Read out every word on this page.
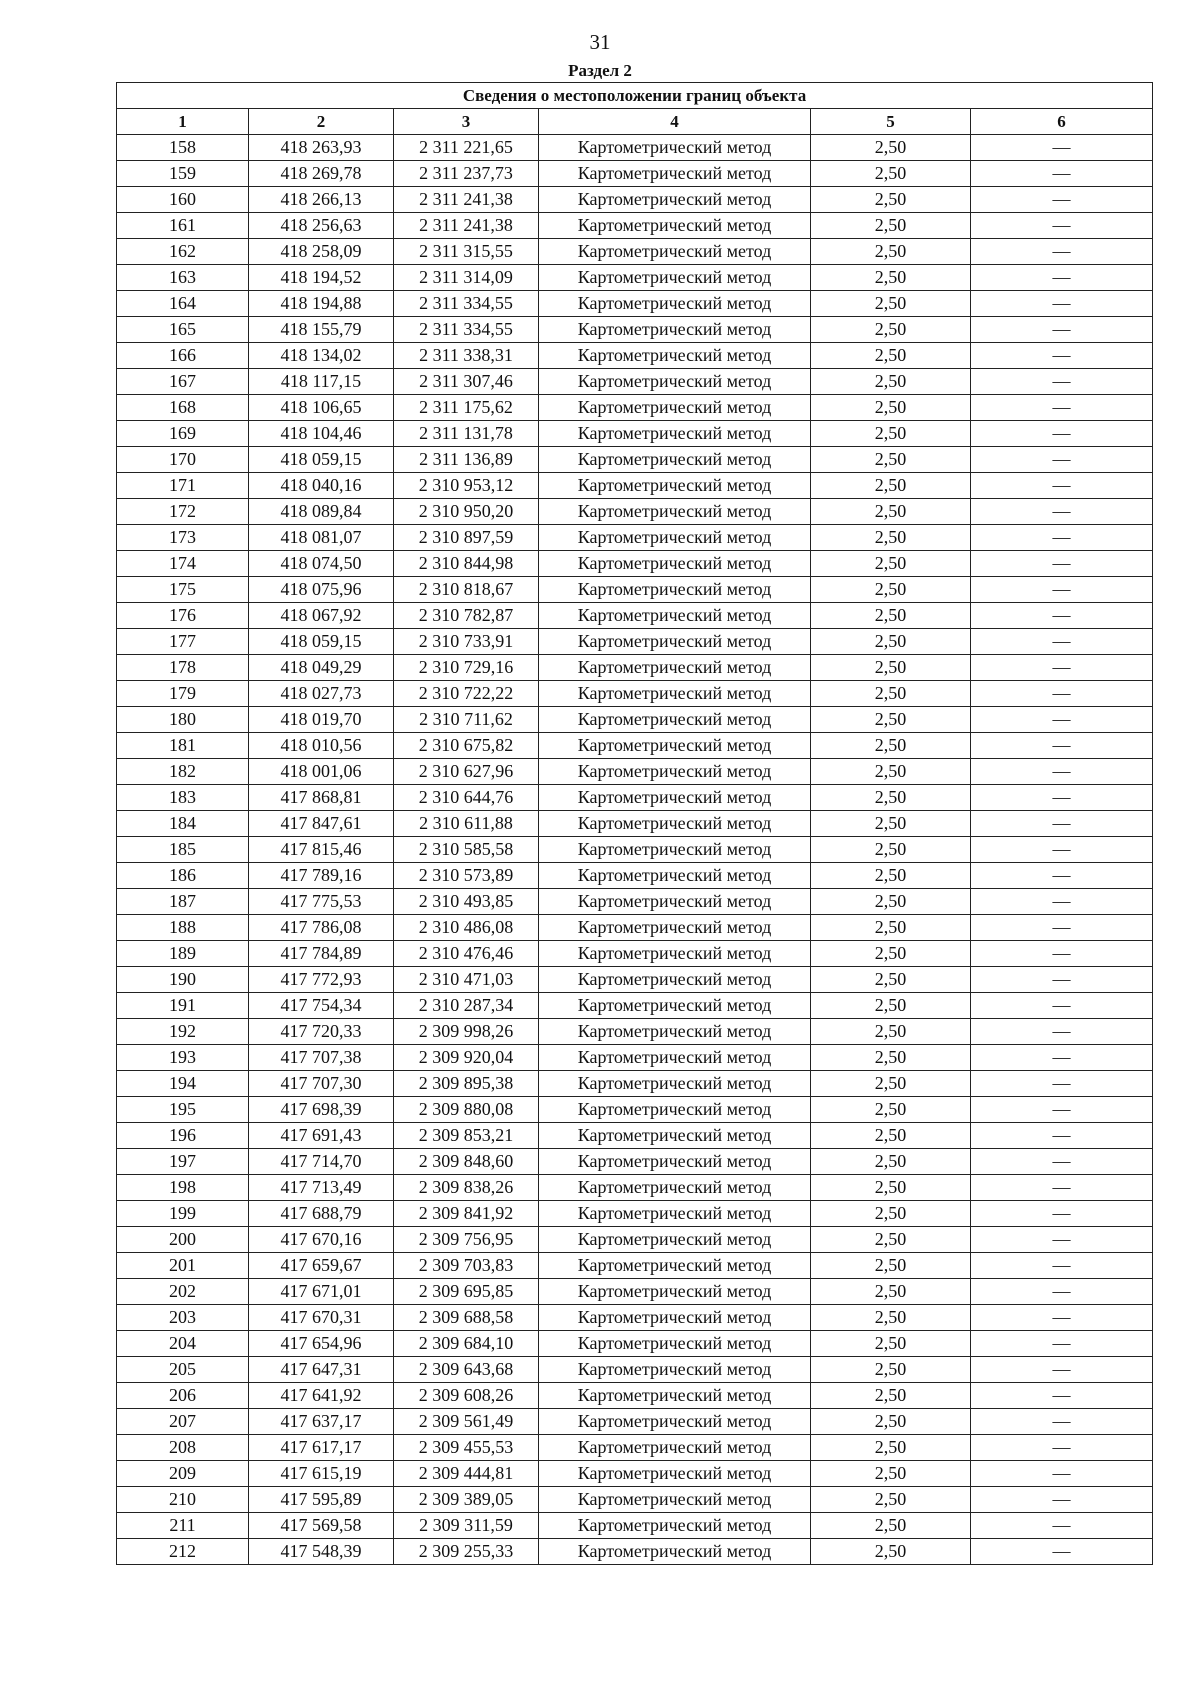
31
Раздел 2
Сведения о местоположении границ объекта					
1	2	3	4	5	6
158	418 263,93	2 311 221,65	Картометрический метод	2,50	—
159	418 269,78	2 311 237,73	Картометрический метод	2,50	—
160	418 266,13	2 311 241,38	Картометрический метод	2,50	—
161	418 256,63	2 311 241,38	Картометрический метод	2,50	—
162	418 258,09	2 311 315,55	Картометрический метод	2,50	—
163	418 194,52	2 311 314,09	Картометрический метод	2,50	—
164	418 194,88	2 311 334,55	Картометрический метод	2,50	—
165	418 155,79	2 311 334,55	Картометрический метод	2,50	—
166	418 134,02	2 311 338,31	Картометрический метод	2,50	—
167	418 117,15	2 311 307,46	Картометрический метод	2,50	—
168	418 106,65	2 311 175,62	Картометрический метод	2,50	—
169	418 104,46	2 311 131,78	Картометрический метод	2,50	—
170	418 059,15	2 311 136,89	Картометрический метод	2,50	—
171	418 040,16	2 310 953,12	Картометрический метод	2,50	—
172	418 089,84	2 310 950,20	Картометрический метод	2,50	—
173	418 081,07	2 310 897,59	Картометрический метод	2,50	—
174	418 074,50	2 310 844,98	Картометрический метод	2,50	—
175	418 075,96	2 310 818,67	Картометрический метод	2,50	—
176	418 067,92	2 310 782,87	Картометрический метод	2,50	—
177	418 059,15	2 310 733,91	Картометрический метод	2,50	—
178	418 049,29	2 310 729,16	Картометрический метод	2,50	—
179	418 027,73	2 310 722,22	Картометрический метод	2,50	—
180	418 019,70	2 310 711,62	Картометрический метод	2,50	—
181	418 010,56	2 310 675,82	Картометрический метод	2,50	—
182	418 001,06	2 310 627,96	Картометрический метод	2,50	—
183	417 868,81	2 310 644,76	Картометрический метод	2,50	—
184	417 847,61	2 310 611,88	Картометрический метод	2,50	—
185	417 815,46	2 310 585,58	Картометрический метод	2,50	—
186	417 789,16	2 310 573,89	Картометрический метод	2,50	—
187	417 775,53	2 310 493,85	Картометрический метод	2,50	—
188	417 786,08	2 310 486,08	Картометрический метод	2,50	—
189	417 784,89	2 310 476,46	Картометрический метод	2,50	—
190	417 772,93	2 310 471,03	Картометрический метод	2,50	—
191	417 754,34	2 310 287,34	Картометрический метод	2,50	—
192	417 720,33	2 309 998,26	Картометрический метод	2,50	—
193	417 707,38	2 309 920,04	Картометрический метод	2,50	—
194	417 707,30	2 309 895,38	Картометрический метод	2,50	—
195	417 698,39	2 309 880,08	Картометрический метод	2,50	—
196	417 691,43	2 309 853,21	Картометрический метод	2,50	—
197	417 714,70	2 309 848,60	Картометрический метод	2,50	—
198	417 713,49	2 309 838,26	Картометрический метод	2,50	—
199	417 688,79	2 309 841,92	Картометрический метод	2,50	—
200	417 670,16	2 309 756,95	Картометрический метод	2,50	—
201	417 659,67	2 309 703,83	Картометрический метод	2,50	—
202	417 671,01	2 309 695,85	Картометрический метод	2,50	—
203	417 670,31	2 309 688,58	Картометрический метод	2,50	—
204	417 654,96	2 309 684,10	Картометрический метод	2,50	—
205	417 647,31	2 309 643,68	Картометрический метод	2,50	—
206	417 641,92	2 309 608,26	Картометрический метод	2,50	—
207	417 637,17	2 309 561,49	Картометрический метод	2,50	—
208	417 617,17	2 309 455,53	Картометрический метод	2,50	—
209	417 615,19	2 309 444,81	Картометрический метод	2,50	—
210	417 595,89	2 309 389,05	Картометрический метод	2,50	—
211	417 569,58	2 309 311,59	Картометрический метод	2,50	—
212	417 548,39	2 309 255,33	Картометрический метод	2,50	—
